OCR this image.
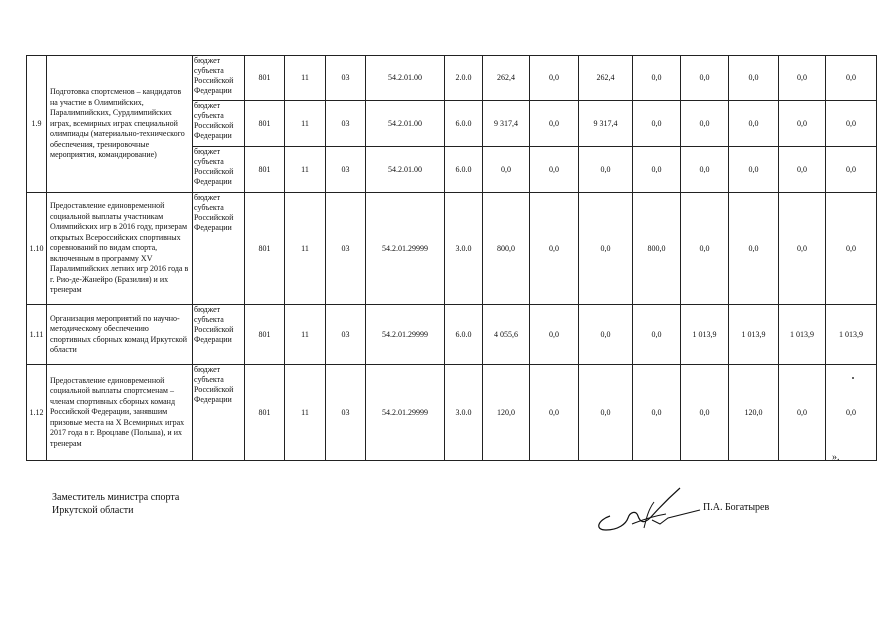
1.9	Подготовка спортсменов – кандидатов на участие в Олимпийских, Паралимпийских, Сурдлимпийских играх, всемирных играх специальной олимпиады (материально-технического обеспечения, тренировочные мероприятия, командирование)	бюджет субъекта Российской Федерации	801	11	03	54.2.01.00	2.0.0	262,4	0,0	262,4	0,0	0,0	0,0	0,0	0,0
		бюджет субъекта Российской Федерации	801	11	03	54.2.01.00	6.0.0	9 317,4	0,0	9 317,4	0,0	0,0	0,0	0,0	0,0
		бюджет субъекта Российской Федерации	801	11	03	54.2.01.00	6.0.0	0,0	0,0	0,0	0,0	0,0	0,0	0,0	0,0
1.10	Предоставление единовременной социальной выплаты участникам Олимпийских игр в 2016 году, призерам открытых Всероссийских спортивных соревнований по видам спорта, включенным в программу XV Паралимпийских летних игр 2016 года в г. Рио-де-Жанейро (Бразилия) и их тренерам	бюджет субъекта Российской Федерации	801	11	03	54.2.01.29999	3.0.0	800,0	0,0	0,0	800,0	0,0	0,0	0,0	0,0
1.11	Организация мероприятий по научно-методическому обеспечению спортивных сборных команд Иркутской области	бюджет субъекта Российской Федерации	801	11	03	54.2.01.29999	6.0.0	4 055,6	0,0	0,0	0,0	1 013,9	1 013,9	1 013,9	1 013,9
1.12	Предоставление единовременной социальной выплаты спортсменам – членам спортивных сборных команд Российской Федерации, занявшим призовые места на X Всемирных играх 2017 года в г. Вроцлаве (Польша), и их тренерам	бюджет субъекта Российской Федерации	801	11	03	54.2.01.29999	3.0.0	120,0	0,0	0,0	0,0	0,0	120,0	0,0	0,0
».
Заместитель министра спорта
Иркутской области	П.А. Богатырев
